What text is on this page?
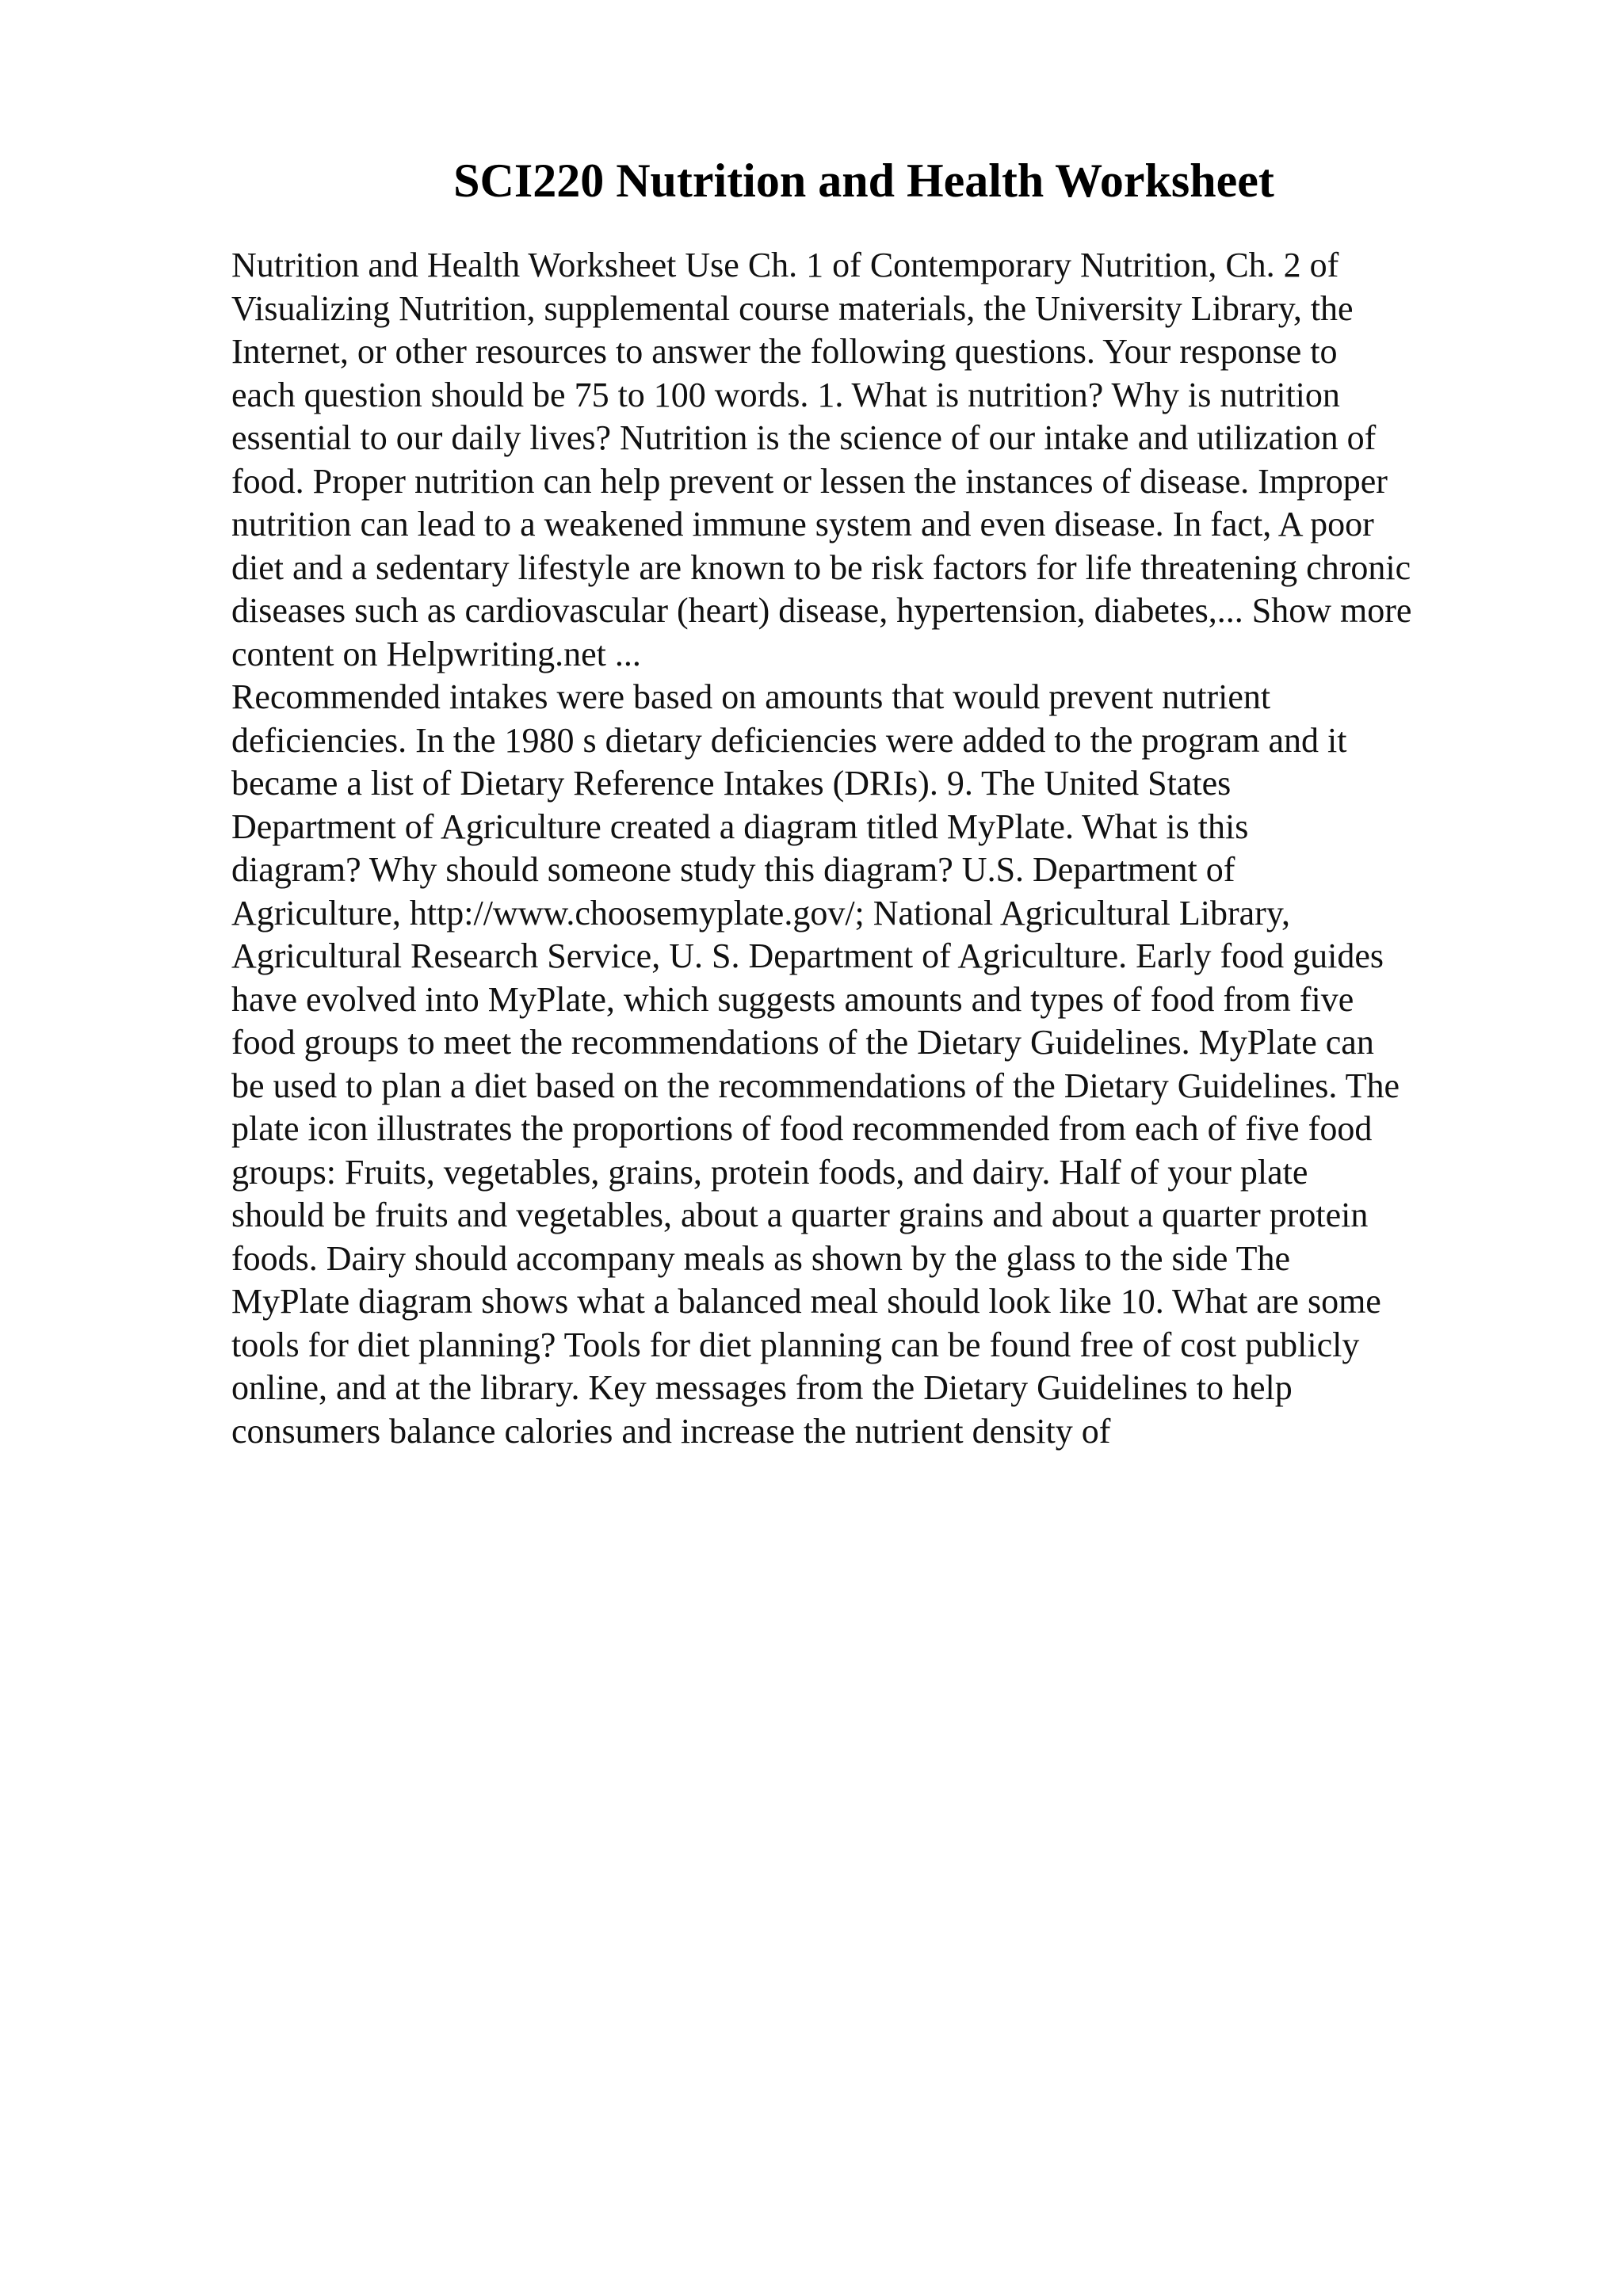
SCI220 Nutrition and Health Worksheet
Nutrition and Health Worksheet Use Ch. 1 of Contemporary Nutrition, Ch. 2 of
Visualizing Nutrition, supplemental course materials, the University Library, the
Internet, or other resources to answer the following questions. Your response to
each question should be 75 to 100 words. 1. What is nutrition? Why is nutrition
essential to our daily lives? Nutrition is the science of our intake and utilization of
food. Proper nutrition can help prevent or lessen the instances of disease. Improper
nutrition can lead to a weakened immune system and even disease. In fact, A poor
diet and a sedentary lifestyle are known to be risk factors for life threatening chronic
diseases such as cardiovascular (heart) disease, hypertension, diabetes,... Show more
content on Helpwriting.net ...
Recommended intakes were based on amounts that would prevent nutrient
deficiencies. In the 1980 s dietary deficiencies were added to the program and it
became a list of Dietary Reference Intakes (DRIs). 9. The United States
Department of Agriculture created a diagram titled MyPlate. What is this
diagram? Why should someone study this diagram? U.S. Department of
Agriculture, http://www.choosemyplate.gov/; National Agricultural Library,
Agricultural Research Service, U. S. Department of Agriculture. Early food guides
have evolved into MyPlate, which suggests amounts and types of food from five
food groups to meet the recommendations of the Dietary Guidelines. MyPlate can
be used to plan a diet based on the recommendations of the Dietary Guidelines. The
plate icon illustrates the proportions of food recommended from each of five food
groups: Fruits, vegetables, grains, protein foods, and dairy. Half of your plate
should be fruits and vegetables, about a quarter grains and about a quarter protein
foods. Dairy should accompany meals as shown by the glass to the side The
MyPlate diagram shows what a balanced meal should look like 10. What are some
tools for diet planning? Tools for diet planning can be found free of cost publicly
online, and at the library. Key messages from the Dietary Guidelines to help
consumers balance calories and increase the nutrient density of
